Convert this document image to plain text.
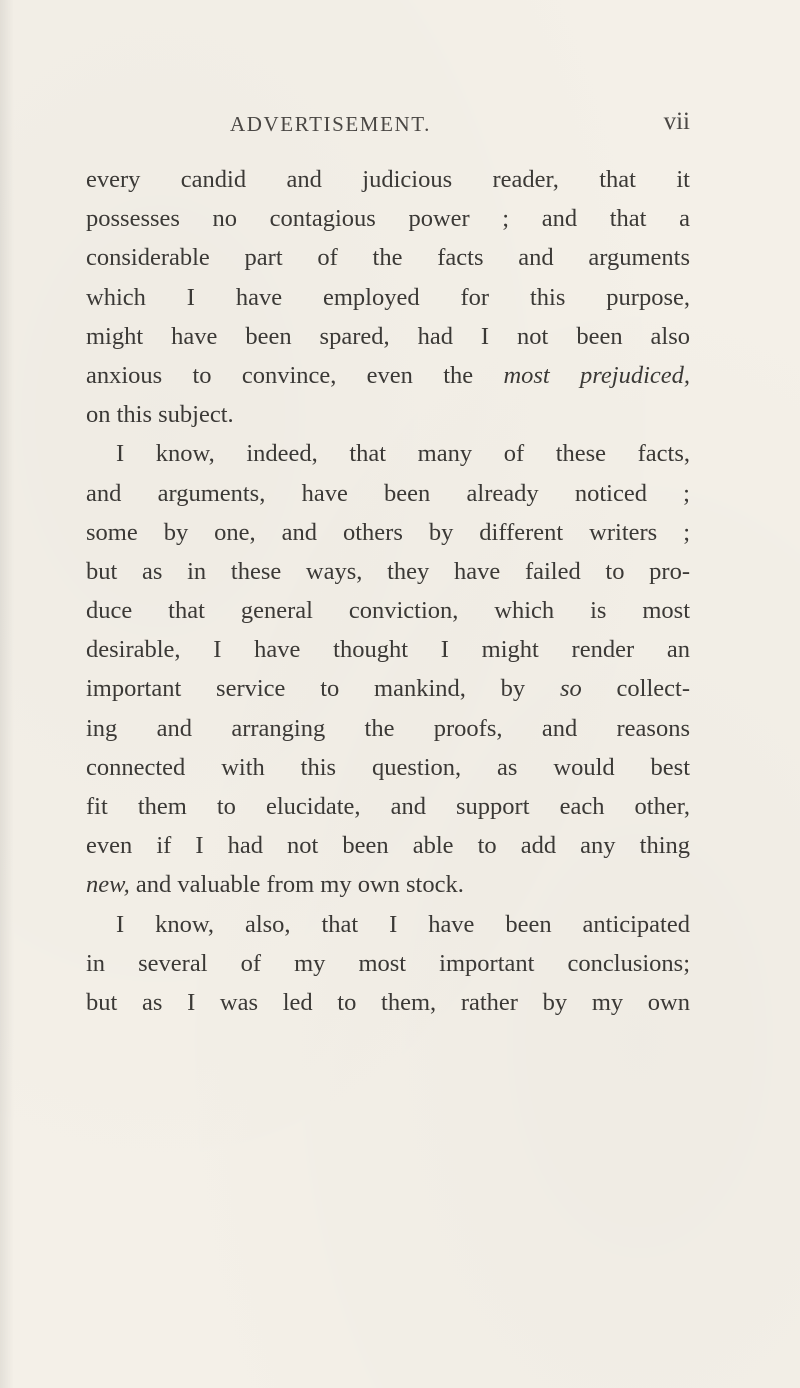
ADVERTISEMENT.	vii
every candid and judicious reader, that it
possesses no contagious power ; and that a
considerable part of the facts and arguments
which I have employed for this purpose,
might have been spared, had I not been also
anxious to convince, even the most prejudiced,
on this subject.
I know, indeed, that many of these facts,
and arguments, have been already noticed ;
some by one, and others by different writers ;
but as in these ways, they have failed to pro-
duce that general conviction, which is most
desirable, I have thought I might render an
important service to mankind, by so collect-
ing and arranging the proofs, and reasons
connected with this question, as would best
fit them to elucidate, and support each other,
even if I had not been able to add any thing
new, and valuable from my own stock.
I know, also, that I have been anticipated
in several of my most important conclusions;
but as I was led to them, rather by my own
